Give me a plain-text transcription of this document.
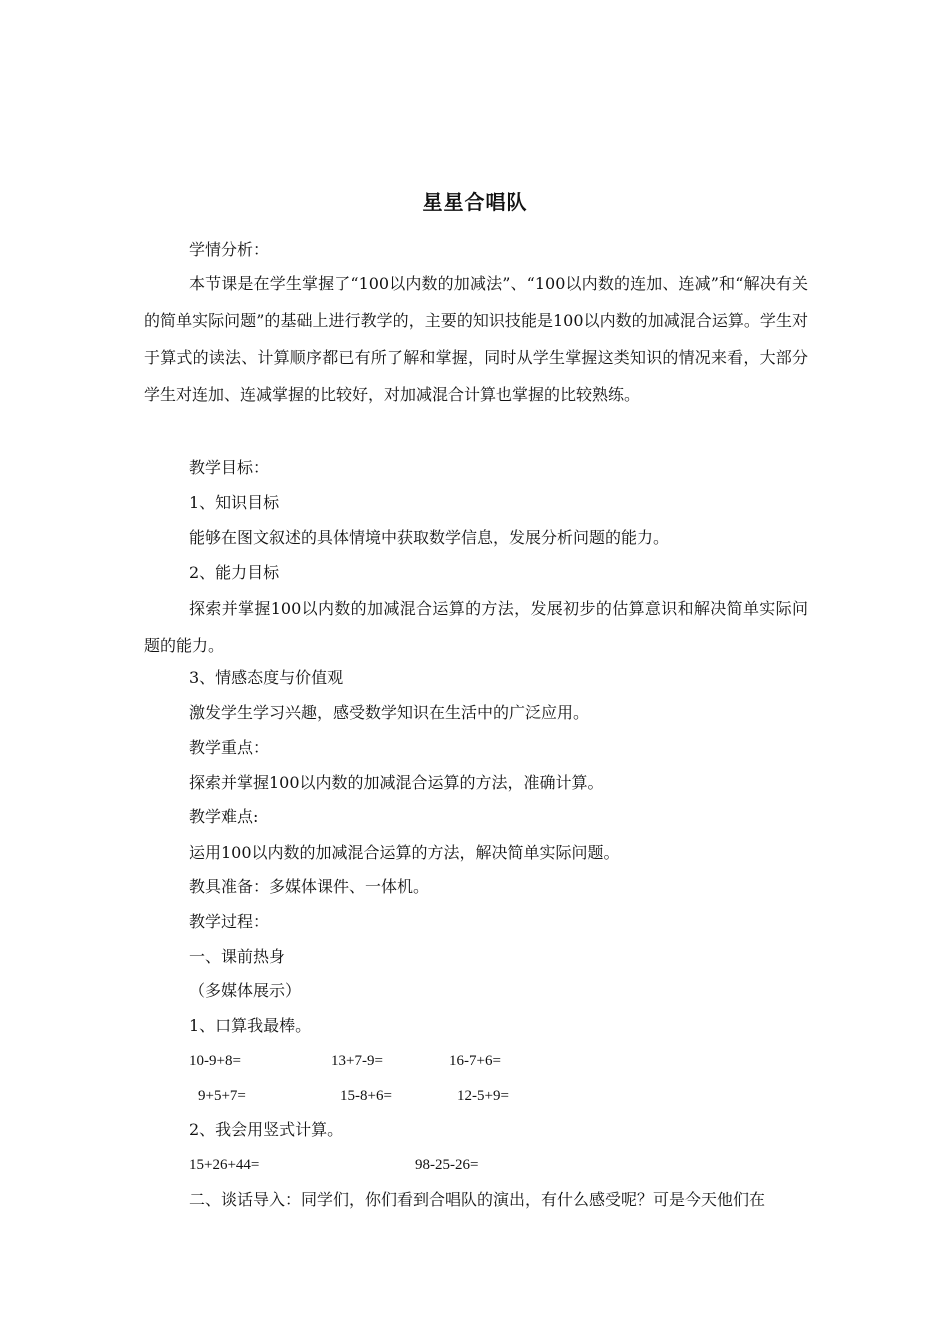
星星合唱队
学情分析：
本节课是在学生掌握了“100以内数的加减法”、“100以内数的连加、连减”和“解决有关的简单实际问题”的基础上进行教学的，主要的知识技能是100以内数的加减混合运算。学生对于算式的读法、计算顺序都已有所了解和掌握，同时从学生掌握这类知识的情况来看，大部分学生对连加、连减掌握的比较好，对加减混合计算也掌握的比较熟练。
教学目标：
1、知识目标
能够在图文叙述的具体情境中获取数学信息，发展分析问题的能力。
2、能力目标
探索并掌握100以内数的加减混合运算的方法，发展初步的估算意识和解决简单实际问题的能力。
3、情感态度与价值观
激发学生学习兴趣，感受数学知识在生活中的广泛应用。
教学重点：
探索并掌握100以内数的加减混合运算的方法，准确计算。
教学难点:
运用100以内数的加减混合运算的方法，解决简单实际问题。
教具准备：多媒体课件、一体机。
教学过程：
一、课前热身
（多媒体展示）
1、口算我最棒。
10-9+8=	13+7-9=	16-7+6=
9+5+7=	15-8+6=	12-5+9=
2、我会用竖式计算。
15+26+44=	98-25-26=
二、谈话导入：同学们，你们看到合唱队的演出，有什么感受呢？可是今天他们在
